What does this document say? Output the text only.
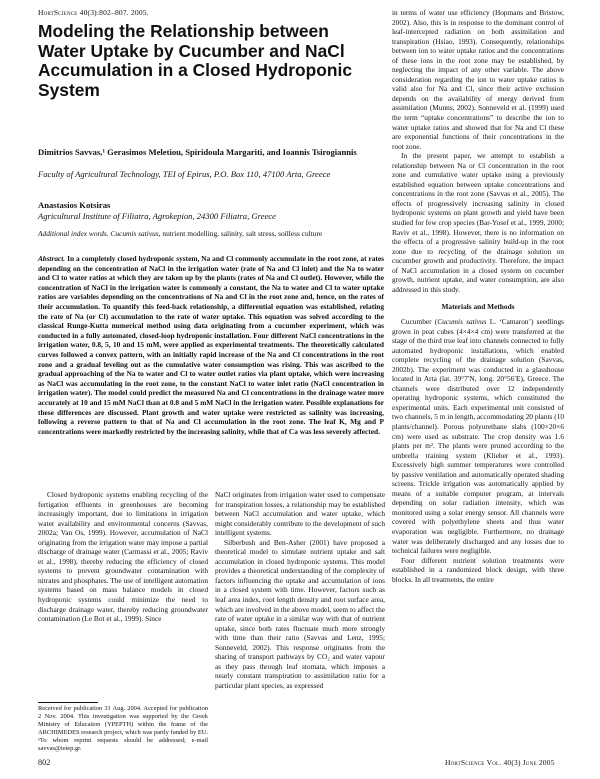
HortScience 40(3):802–807. 2005.
Modeling the Relationship between Water Uptake by Cucumber and NaCl Accumulation in a Closed Hydroponic System
Dimitrios Savvas,¹ Gerasimos Meletiou, Spiridoula Margariti, and Ioannis Tsirogiannis
Faculty of Agricultural Technology, TEI of Epirus, P.O. Box 110, 47100 Arta, Greece
Anastasios Kotsiras
Agricultural Institute of Filiatra, Agrokepion, 24300 Filiatra, Greece
Additional index words. Cucumis sativus, nutrient modelling, salinity, salt stress, soilless culture
Abstract. In a completely closed hydroponic system, Na and Cl commonly accumulate in the root zone, at rates depending on the concentration of NaCl in the irrigation water (rate of Na and Cl inlet) and the Na to water and Cl to water ratios at which they are taken up by the plants (rates of Na and Cl outlet). However, while the concentration of NaCl in the irrigation water is commonly a constant, the Na to water and Cl to water uptake ratios are variables depending on the concentrations of Na and Cl in the root zone and, hence, on the rates of their accumulation. To quantify this feed-back relationship, a differential equation was established, relating the rate of Na (or Cl) accumulation to the rate of water uptake. This equation was solved according to the classical Runge-Kutta numerical method using data originating from a cucumber experiment, which was conducted in a fully automated, closed-loop hydroponic installation. Four different NaCl concentrations in the irrigation water, 0.8, 5, 10 and 15 mM, were applied as experimental treatments. The theoretically calculated curves followed a convex pattern, with an initially rapid increase of the Na and Cl concentrations in the root zone and a gradual leveling out as the cumulative water consumption was rising. This was ascribed to the gradual approaching of the Na to water and Cl to water outlet ratios via plant uptake, which were increasing as NaCl was accumulating in the root zone, to the constant NaCl to water inlet ratio (NaCl concentration in irrigation water). The model could predict the measured Na and Cl concentrations in the drainage water more accurately at 10 and 15 mM NaCl than at 0.8 and 5 mM NaCl in the irrigation water. Possible explanations for these differences are discussed. Plant growth and water uptake were restricted as salinity was increasing, following a reverse pattern to that of Na and Cl accumulation in the root zone. The leaf K, Mg and P concentrations were markedly restricted by the increasing salinity, while that of Ca was less severely affected.

Closed hydroponic systems enabling recycling of the fertigation effluents in greenhouses are becoming increasingly important, due to limitations in irrigation water availability and environmental concerns (Savvas, 2002a; Van Os, 1999). However, accumulation of NaCl originating from the irrigation water may impose a partial discharge of drainage water (Carmassi et al., 2005; Raviv et al., 1998), thereby reducing the efficiency of closed systems to prevent groundwater contamination with nitrates and phosphates. The use of intelligent automation systems based on mass balance models in closed hydroponic systems could minimize the need to discharge drainage water, thereby reducing groundwater contamination (Le Bot et al., 1999). Since

NaCl originates from irrigation water used to compensate for transpiration losses, a relationship may be established between NaCl accumulation and water uptake, which might considerably contribute to the development of such intelligent systems.

Silberbush and Ben-Asher (2001) have proposed a theoretical model to simulate nutrient uptake and salt accumulation in closed hydroponic systems. This model provides a theoretical understanding of the complexity of factors influencing the uptake and accumulation of ions in a closed system with time. However, factors such as leaf area index, root length density and root surface area, which are involved in the above model, seem to affect the rate of water uptake in a similar way with that of nutrient uptake, since both rates fluctuate much more strongly with time than their ratio (Savvas and Lenz, 1995; Sonneveld, 2002). This response originates from the sharing of transport pathways by CO₂ and water vapour as they pass through leaf stomata, which imposes a nearly constant transpiration to assimilation ratio for a particular plant species, as expressed

in terms of water use efficiency (Hopmans and Bristow, 2002). Also, this is in response to the dominant control of leaf-intercepted radiation on both assimilation and transpiration (Hsiao, 1993). Consequently, relationships between ion to water uptake ratios and the concentrations of these ions in the root zone may be established, by neglecting the impact of any other variable. The above consideration regarding the ion to water uptake ratios is valid also for Na and Cl, since their active exclusion depends on the availability of energy derived from assimilation (Munns, 2002). Sonneveld et al. (1999) used the term “uptake concentrations” to describe the ion to water uptake ratios and showed that for Na and Cl these are exponential functions of their concentrations in the root zone.

In the present paper, we attempt to establish a relationship between Na or Cl concentration in the root zone and cumulative water uptake using a previously established equation between uptake concentrations and concentrations in the root zone (Savvas et al., 2005). The effects of progressively increasing salinity in closed hydroponic systems on plant growth and yield have been studied for few crop species (Bar-Yosef et al., 1999, 2000; Raviv et al., 1998). However, there is no information on the effects of a progressive salinity build-up in the root zone due to recycling of the drainage solution on cucumber growth and productivity. Therefore, the impact of NaCl accumulation in a closed system on cucumber growth, nutrient uptake, and water consumption, are also addressed in this study.

Materials and Methods

Cucumber (Cucumis sativus L. ‘Camaron’) seedlings grown in peat cubes (4×4×4 cm) were transferred at the stage of the third true leaf into channels connected to fully automated hydroponic installations, which enabled complete recycling of the drainage solution (Savvas, 2002b). The experiment was conducted in a glasshouse located in Arta (lat. 39°7′N, long. 20°56′E), Greece. The channels were distributed over 12 independently operating hydroponic systems, which constituted the experimental units. Each experimental unit consisted of two channels, 5 m in length, accommodating 20 plants (10 plants/channel). Porous polyurethane slabs (100×20×6 cm) were used as substrate. The crop density was 1.6 plants per m². The plants were pruned according to the umbrella training system (Klieber et al., 1993). Excessively high summer temperatures were controlled by passive ventilation and automatically operated shading screens. Trickle irrigation was automatically applied by means of a suitable computer program, at intervals depending on solar radiation intensity, which was monitored using a solar energy sensor. All channels were covered with polyethylene sheets and thus water evaporation was negligible. Furthermore, no drainage water was deliberately discharged and any losses due to technical failures were negligible.

Four different nutrient solution treatments were established in a randomized block design, with three blocks. In all treatments, the entire

Received for publication 31 Aug. 2004. Accepted for publication 2 Nov. 2004. This investigation was supported by the Greek Ministry of Education (YPEPTH) within the frame of the ARCHIMEDES research project, which was partly funded by EU. ¹To whom reprint requests should be addressed; e-mail savvas@teiep.gr.
802	HortScience Vol. 40(3) June 2005
